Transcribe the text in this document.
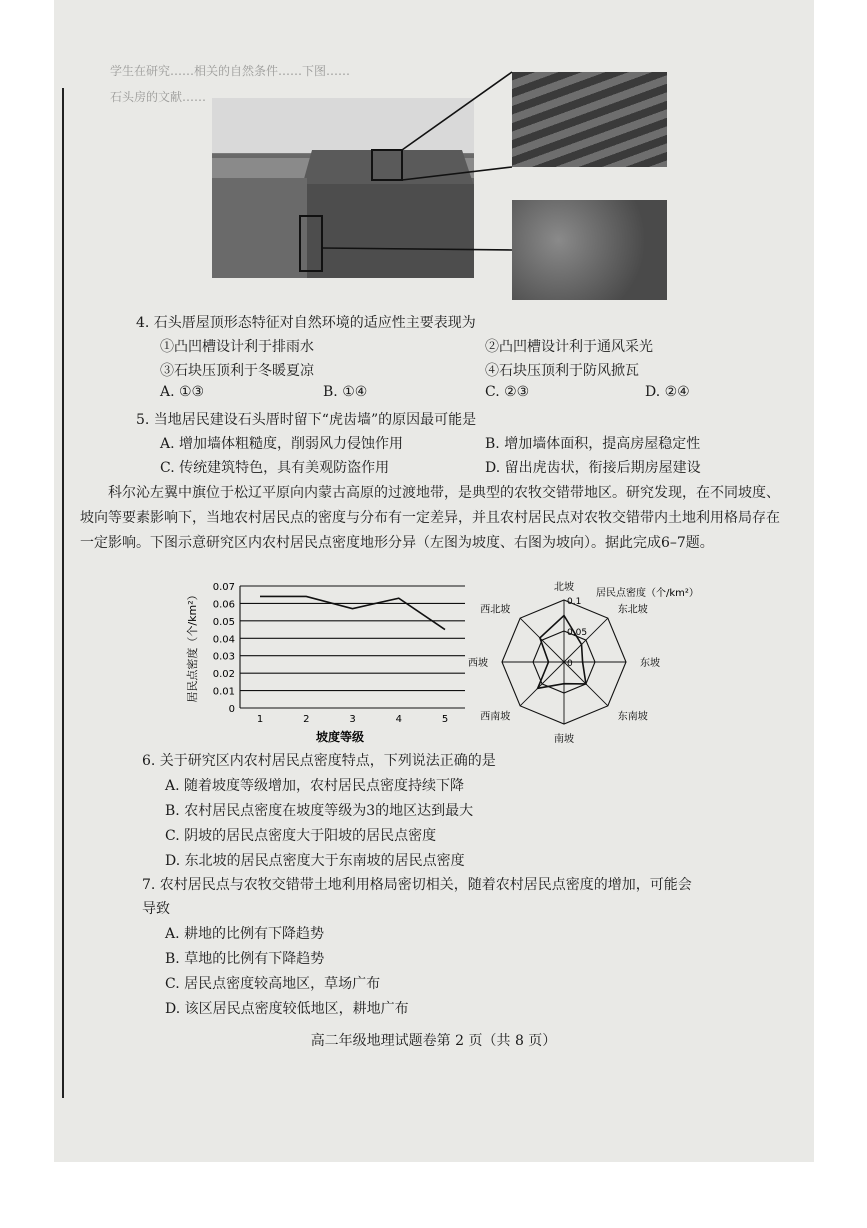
学生在研究……相关的自然条件……下图……
石头房的文献……
4. 石头厝屋顶形态特征对自然环境的适应性主要表现为
①凸凹槽设计利于排雨水	②凸凹槽设计利于通风采光
③石块压顶利于冬暖夏凉	④石块压顶利于防风掀瓦
A. ①③	B. ①④	C. ②③	D. ②④
5. 当地居民建设石头厝时留下“虎齿墙”的原因最可能是
A. 增加墙体粗糙度，削弱风力侵蚀作用	B. 增加墙体面积，提高房屋稳定性
C. 传统建筑特色，具有美观防盗作用	D. 留出虎齿状，衔接后期房屋建设
科尔沁左翼中旗位于松辽平原向内蒙古高原的过渡地带，是典型的农牧交错带地区。研究发现，在不同坡度、坡向等要素影响下，当地农村居民点的密度与分布有一定差异，并且农村居民点对农牧交错带内土地利用格局存在一定影响。下图示意研究区内农村居民点密度地形分异（左图为坡度、右图为坡向）。据此完成6–7题。
0
0.01
0.02
0.03
0.04
0.05
0.06
0.07
1	2	3	4	5
坡度等级
居民点密度（个/km²）
北坡
东北坡
东坡
东南坡
南坡
西南坡
西坡
西北坡
0
0.05
0.1
居民点密度（个/km²）
6. 关于研究区内农村居民点密度特点，下列说法正确的是
A. 随着坡度等级增加，农村居民点密度持续下降
B. 农村居民点密度在坡度等级为3的地区达到最大
C. 阴坡的居民点密度大于阳坡的居民点密度
D. 东北坡的居民点密度大于东南坡的居民点密度
7. 农村居民点与农牧交错带土地利用格局密切相关，随着农村居民点密度的增加，可能会
导致
A. 耕地的比例有下降趋势
B. 草地的比例有下降趋势
C. 居民点密度较高地区，草场广布
D. 该区居民点密度较低地区，耕地广布
高二年级地理试题卷第 2 页（共 8 页）
